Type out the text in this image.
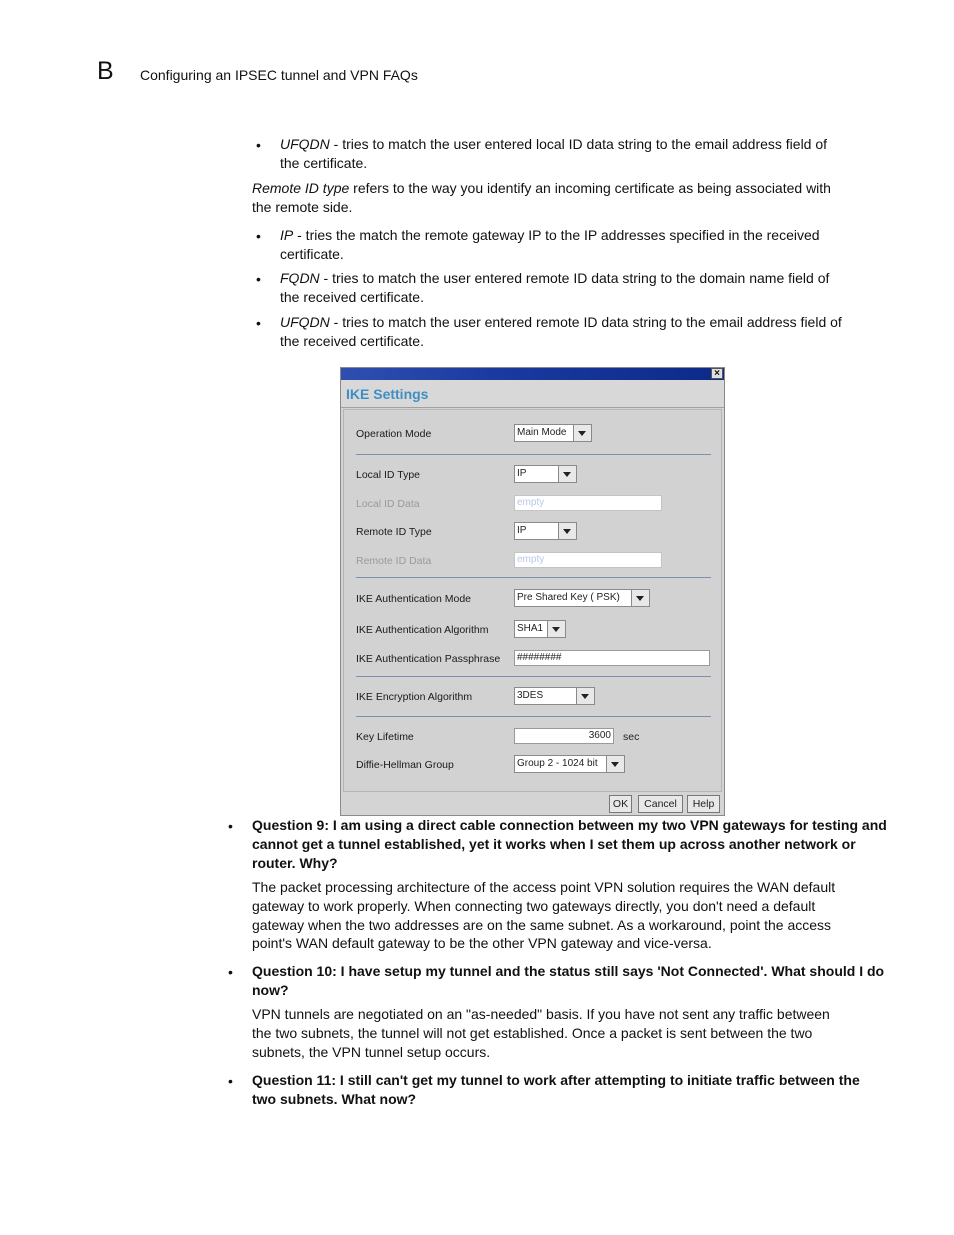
B Configuring an IPSEC tunnel and VPN FAQs
• UFQDN - tries to match the user entered local ID data string to the email address field of
the certificate.
Remote ID type refers to the way you identify an incoming certificate as being associated with
the remote side.
• IP - tries the match the remote gateway IP to the IP addresses specified in the received
certificate.
• FQDN - tries to match the user entered remote ID data string to the domain name field of
the received certificate.
• UFQDN - tries to match the user entered remote ID data string to the email address field of
the received certificate.
×
IKE Settings
Operation Mode	Main Mode
Local ID Type	IP
Local ID Data	empty
Remote ID Type	IP
Remote ID Data	empty
IKE Authentication Mode	Pre Shared Key ( PSK)
IKE Authentication Algorithm	SHA1
IKE Authentication Passphrase	########
IKE Encryption Algorithm	3DES
Key Lifetime	3600 sec
Diffie-Hellman Group	Group 2 - 1024 bit
OK	Cancel	Help
• Question 9: I am using a direct cable connection between my two VPN gateways for testing and
cannot get a tunnel established, yet it works when I set them up across another network or
router. Why?
The packet processing architecture of the access point VPN solution requires the WAN default
gateway to work properly. When connecting two gateways directly, you don't need a default
gateway when the two addresses are on the same subnet. As a workaround, point the access
point's WAN default gateway to be the other VPN gateway and vice-versa.
• Question 10: I have setup my tunnel and the status still says 'Not Connected'. What should I do
now?
VPN tunnels are negotiated on an "as-needed" basis. If you have not sent any traffic between
the two subnets, the tunnel will not get established. Once a packet is sent between the two
subnets, the VPN tunnel setup occurs.
• Question 11: I still can't get my tunnel to work after attempting to initiate traffic between the
two subnets. What now?
